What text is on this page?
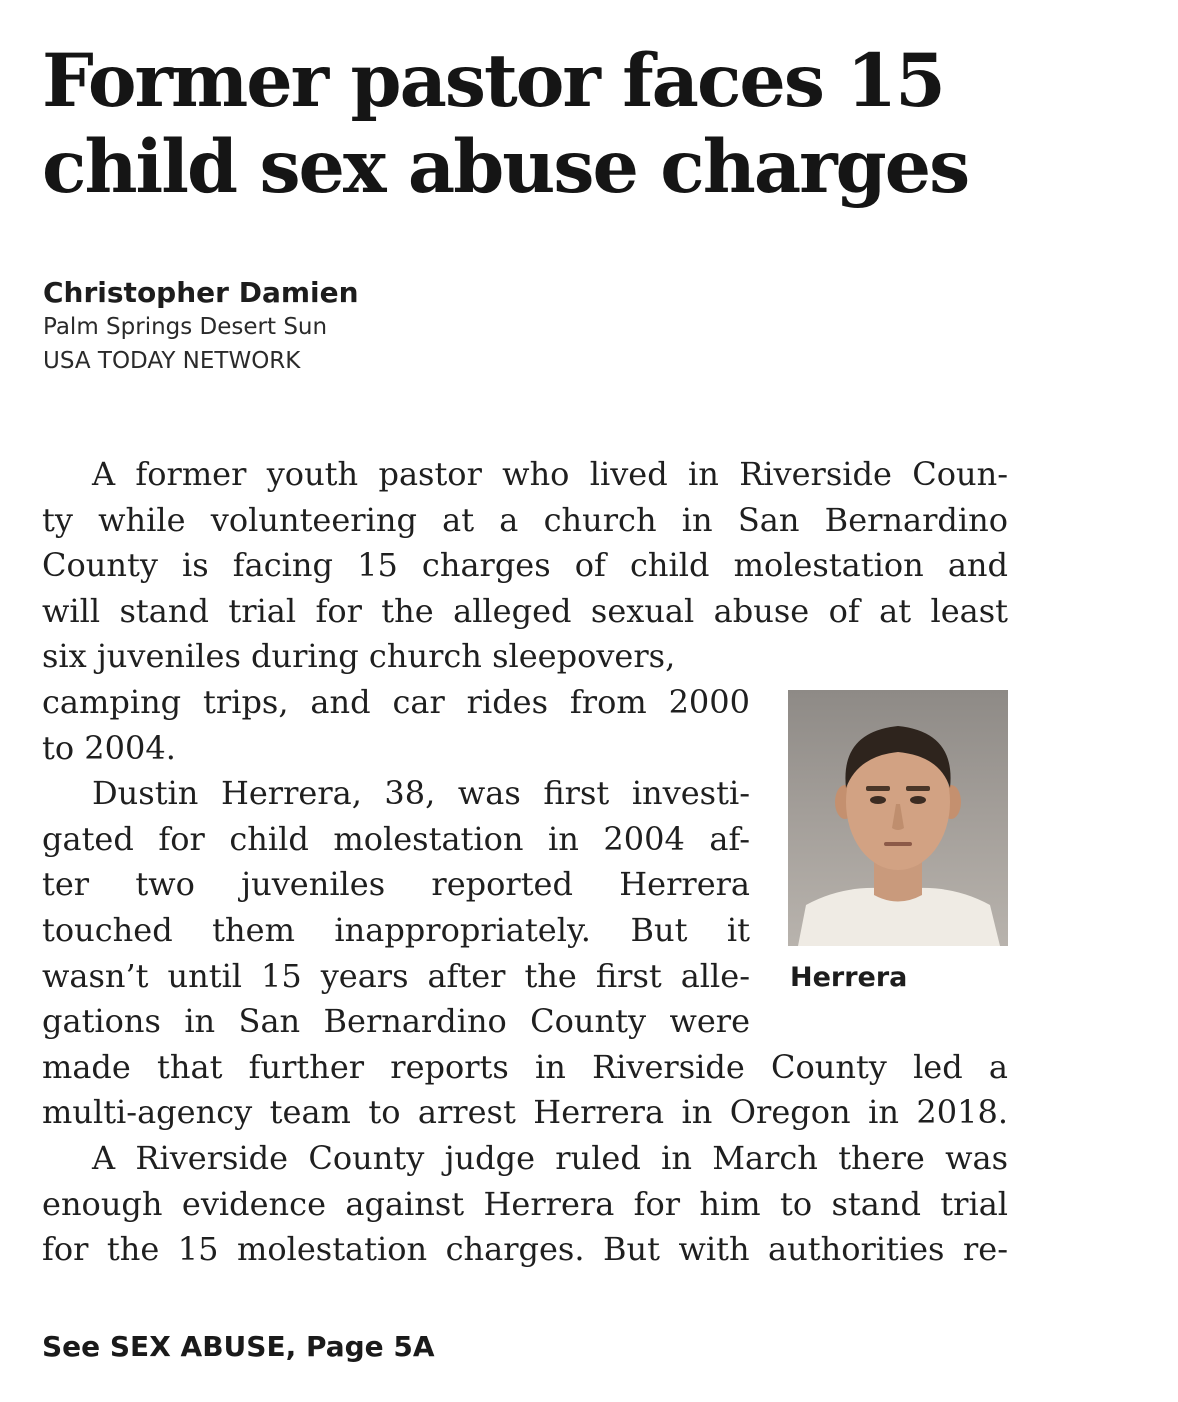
Former pastor faces 15
child sex abuse charges
Christopher Damien
Palm Springs Desert Sun
USA TODAY NETWORK
A former youth pastor who lived in Riverside Coun-
ty while volunteering at a church in San Bernardino
County is facing 15 charges of child molestation and
will stand trial for the alleged sexual abuse of at least
six juveniles during church sleepovers,
camping trips, and car rides from 2000
to 2004.
Dustin Herrera, 38, was first investi-
gated for child molestation in 2004 af-
ter two juveniles reported Herrera
touched them inappropriately. But it
wasn’t until 15 years after the first alle-
gations in San Bernardino County were
made that further reports in Riverside County led a
multi-agency team to arrest Herrera in Oregon in 2018.
A Riverside County judge ruled in March there was
enough evidence against Herrera for him to stand trial
for the 15 molestation charges. But with authorities re-
Herrera
See SEX ABUSE, Page 5A
